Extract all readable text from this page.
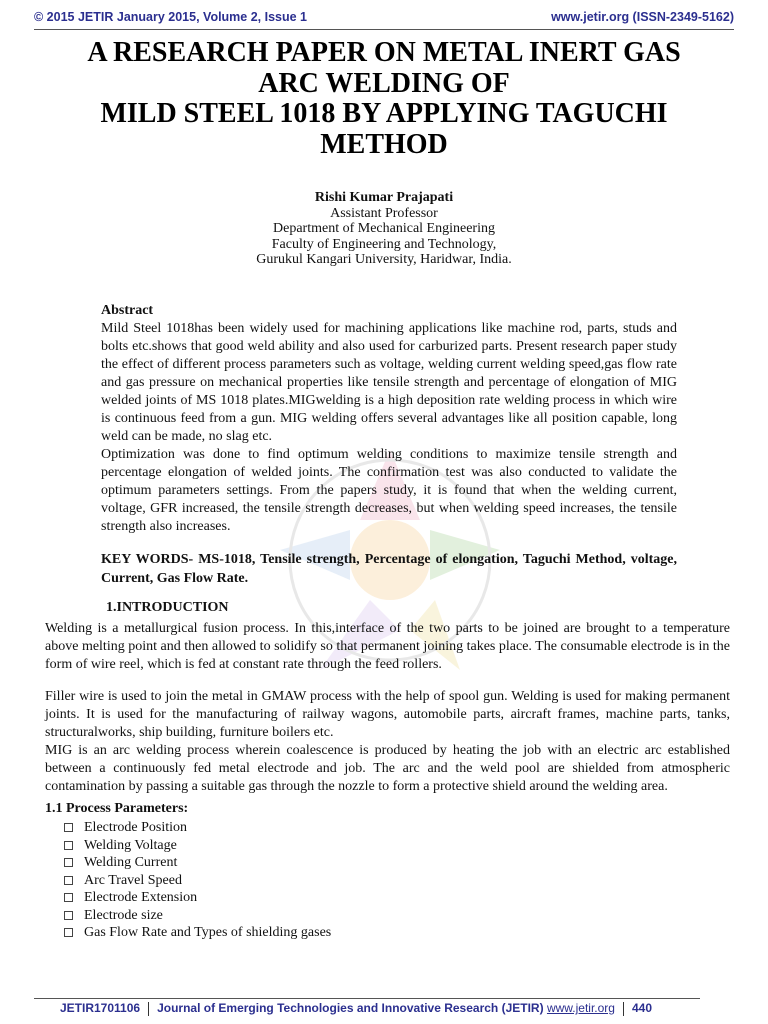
© 2015 JETIR January 2015, Volume 2, Issue 1	www.jetir.org (ISSN-2349-5162)
A RESEARCH PAPER ON METAL INERT GAS
ARC WELDING OF
MILD STEEL 1018 BY APPLYING TAGUCHI
METHOD
Rishi Kumar Prajapati
Assistant Professor
Department of Mechanical Engineering
Faculty of Engineering and Technology,
Gurukul Kangari University, Haridwar, India.
Abstract

Mild Steel 1018has been widely used for machining applications like machine rod, parts, studs and bolts etc.shows that good weld ability and also used for carburized parts. Present research paper study the effect of different process parameters such as voltage, welding current welding speed,gas flow rate and gas pressure on mechanical properties like tensile strength and percentage of elongation of MIG welded joints of MS 1018 plates.MIGwelding is a high deposition rate welding process in which wire is continuous feed from a gun. MIG welding offers several advantages like all position capable, long weld can be made, no slag etc.

Optimization was done to find optimum welding conditions to maximize tensile strength and percentage elongation of welded joints. The confirmation test was also conducted to validate the optimum parameters settings. From the papers study, it is found that when the welding current, voltage, GFR increased, the tensile strength decreases, but when welding speed increases, the tensile strength also increases.

KEY WORDS- MS-1018, Tensile strength, Percentage of elongation, Taguchi Method, voltage, Current, Gas Flow Rate.
1.INTRODUCTION

Welding is a metallurgical fusion process. In this,interface of the two parts to be joined are brought to a temperature above melting point and then allowed to solidify so that permanent joining takes place. The consumable electrode is in the form of wire reel, which is fed at constant rate through the feed rollers.

Filler wire is used to join the metal in GMAW process with the help of spool gun. Welding is used for making permanent joints. It is used for the manufacturing of railway wagons, automobile parts, aircraft frames, machine parts, tanks, structuralworks, ship building, furniture boilers etc.

MIG is an arc welding process wherein coalescence is produced by heating the job with an electric arc established between a continuously fed metal electrode and job. The arc and the weld pool are shielded from atmospheric contamination by passing a suitable gas through the nozzle to form a protective shield around the welding area.

1.1 Process Parameters:
Electrode Position
Welding Voltage
Welding Current
Arc Travel Speed
Electrode Extension
Electrode size
Gas Flow Rate and Types of shielding gases
JETIR1701106 Journal of Emerging Technologies and Innovative Research (JETIR) www.jetir.org 440
